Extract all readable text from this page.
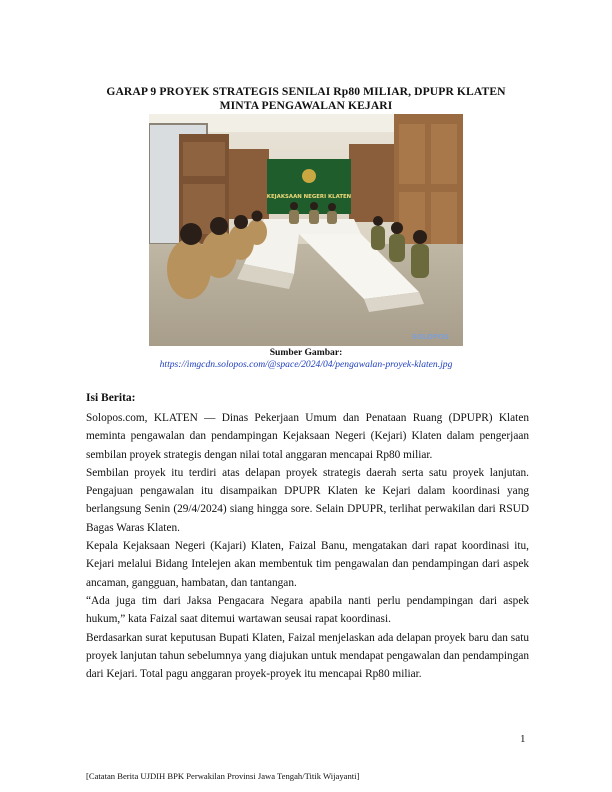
GARAP 9 PROYEK STRATEGIS SENILAI Rp80 MILIAR, DPUPR KLATEN MINTA PENGAWALAN KEJARI
KEJAKSAAN NEGERI KLATEN
SOLOPOS
Sumber Gambar:
https://imgcdn.solopos.com/@space/2024/04/pengawalan-proyek-klaten.jpg
Isi Berita:

Solopos.com, KLATEN — Dinas Pekerjaan Umum dan Penataan Ruang (DPUPR) Klaten meminta pengawalan dan pendampingan Kejaksaan Negeri (Kejari) Klaten dalam pengerjaan sembilan proyek strategis dengan nilai total anggaran mencapai Rp80 miliar.

Sembilan proyek itu terdiri atas delapan proyek strategis daerah serta satu proyek lanjutan. Pengajuan pengawalan itu disampaikan DPUPR Klaten ke Kejari dalam koordinasi yang berlangsung Senin (29/4/2024) siang hingga sore. Selain DPUPR, terlihat perwakilan dari RSUD Bagas Waras Klaten.

Kepala Kejaksaan Negeri (Kajari) Klaten, Faizal Banu, mengatakan dari rapat koordinasi itu, Kejari melalui Bidang Intelejen akan membentuk tim pengawalan dan pendampingan dari aspek ancaman, gangguan, hambatan, dan tantangan.

“Ada juga tim dari Jaksa Pengacara Negara apabila nanti perlu pendampingan dari aspek hukum,” kata Faizal saat ditemui wartawan seusai rapat koordinasi.

Berdasarkan surat keputusan Bupati Klaten, Faizal menjelaskan ada delapan proyek baru dan satu proyek lanjutan tahun sebelumnya yang diajukan untuk mendapat pengawalan dan pendampingan dari Kejari. Total pagu anggaran proyek-proyek itu mencapai Rp80 miliar.

1
[Catatan Berita UJDIH BPK Perwakilan Provinsi Jawa Tengah/Titik Wijayanti]
